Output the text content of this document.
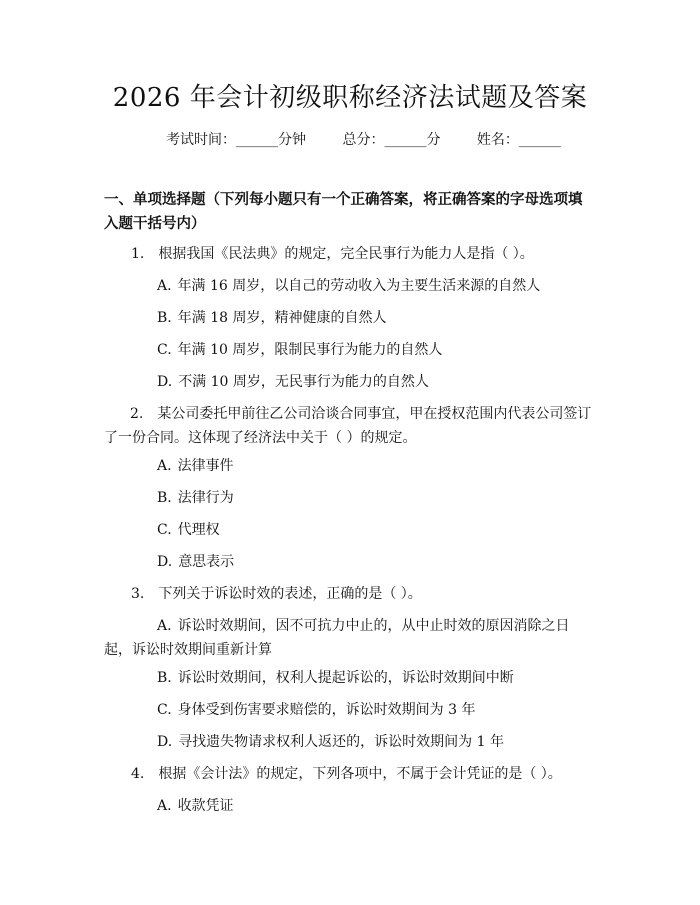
2026 年会计初级职称经济法试题及答案
考试时间：______分钟	总分：______分	姓名：______
一、单项选择题（下列每小题只有一个正确答案，将正确答案的字母选项填入题干括号内）
1. 根据我国《民法典》的规定，完全民事行为能力人是指（ ）。
A. 年满 16 周岁，以自己的劳动收入为主要生活来源的自然人
B. 年满 18 周岁，精神健康的自然人
C. 年满 10 周岁，限制民事行为能力的自然人
D. 不满 10 周岁，无民事行为能力的自然人
2. 某公司委托甲前往乙公司洽谈合同事宜，甲在授权范围内代表公司签订了一份合同。这体现了经济法中关于（ ）的规定。
A. 法律事件
B. 法律行为
C. 代理权
D. 意思表示
3. 下列关于诉讼时效的表述，正确的是（ ）。
A. 诉讼时效期间，因不可抗力中止的，从中止时效的原因消除之日起，诉讼时效期间重新计算
B. 诉讼时效期间，权利人提起诉讼的，诉讼时效期间中断
C. 身体受到伤害要求赔偿的，诉讼时效期间为 3 年
D. 寻找遗失物请求权利人返还的，诉讼时效期间为 1 年
4. 根据《会计法》的规定，下列各项中，不属于会计凭证的是（ ）。
A. 收款凭证
